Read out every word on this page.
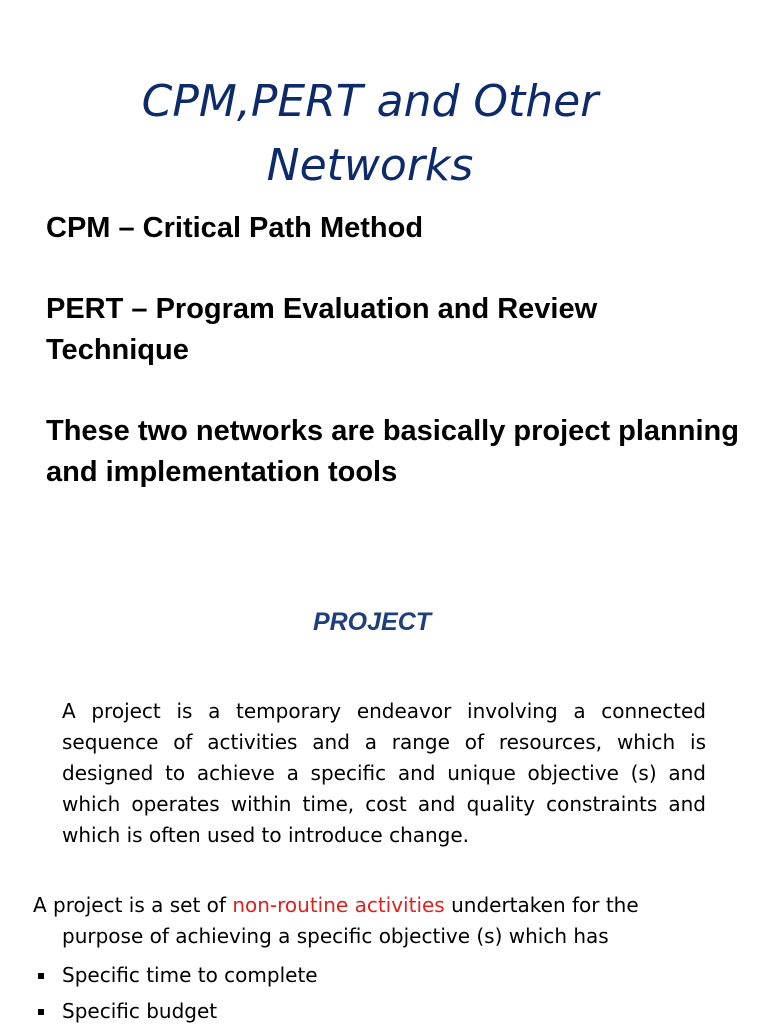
CPM,PERT and Other
Networks

CPM – Critical Path Method

PERT – Program Evaluation and Review Technique

These two networks are basically project planning and implementation tools

PROJECT

A project is a temporary endeavor involving a connected sequence of activities and a range of resources, which is designed to achieve a specific and unique objective (s) and which operates within time, cost and quality constraints and which is often used to introduce change.

A project is a set of non-routine activities undertaken for the
purpose of achieving a specific objective (s) which has

Specific time to complete
Specific budget
